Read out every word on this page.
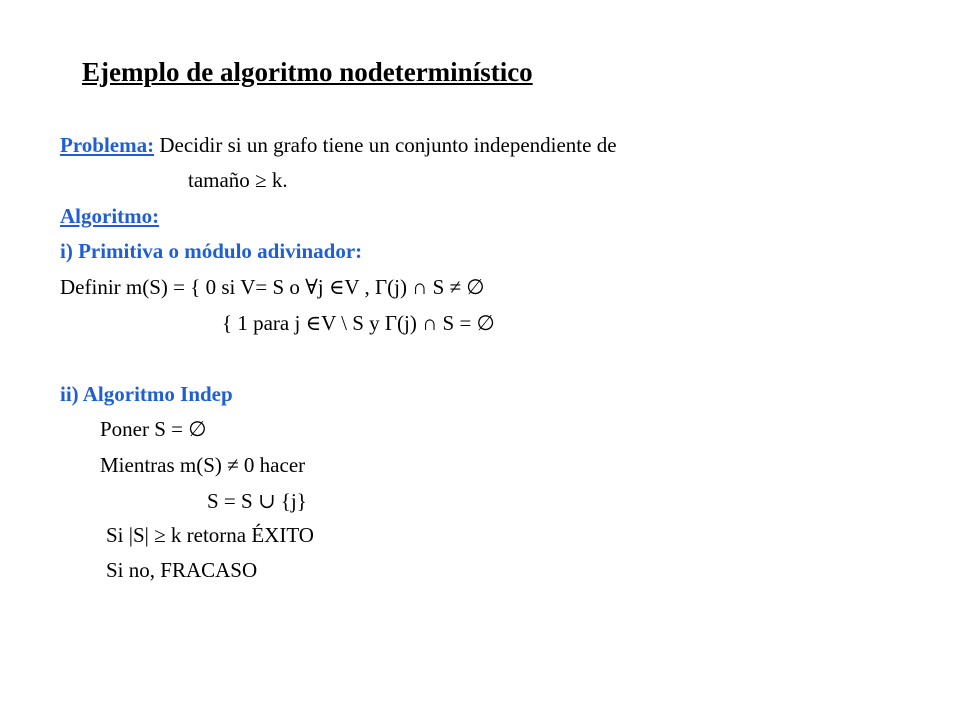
Ejemplo de algoritmo nodeterminístico
Problema: Decidir si un grafo tiene un conjunto independiente de
tamaño ≥ k.
Algoritmo:
i) Primitiva o módulo adivinador:
Definir m(S) = { 0 si V= S o ∀j ∈V , Γ(j) ∩ S ≠ ∅
{ 1 para j ∈V \ S y Γ(j) ∩ S = ∅
ii) Algoritmo Indep
Poner S = ∅
Mientras m(S) ≠ 0 hacer
S = S ∪ {j}
Si |S| ≥ k retorna ÉXITO
Si no, FRACASO
